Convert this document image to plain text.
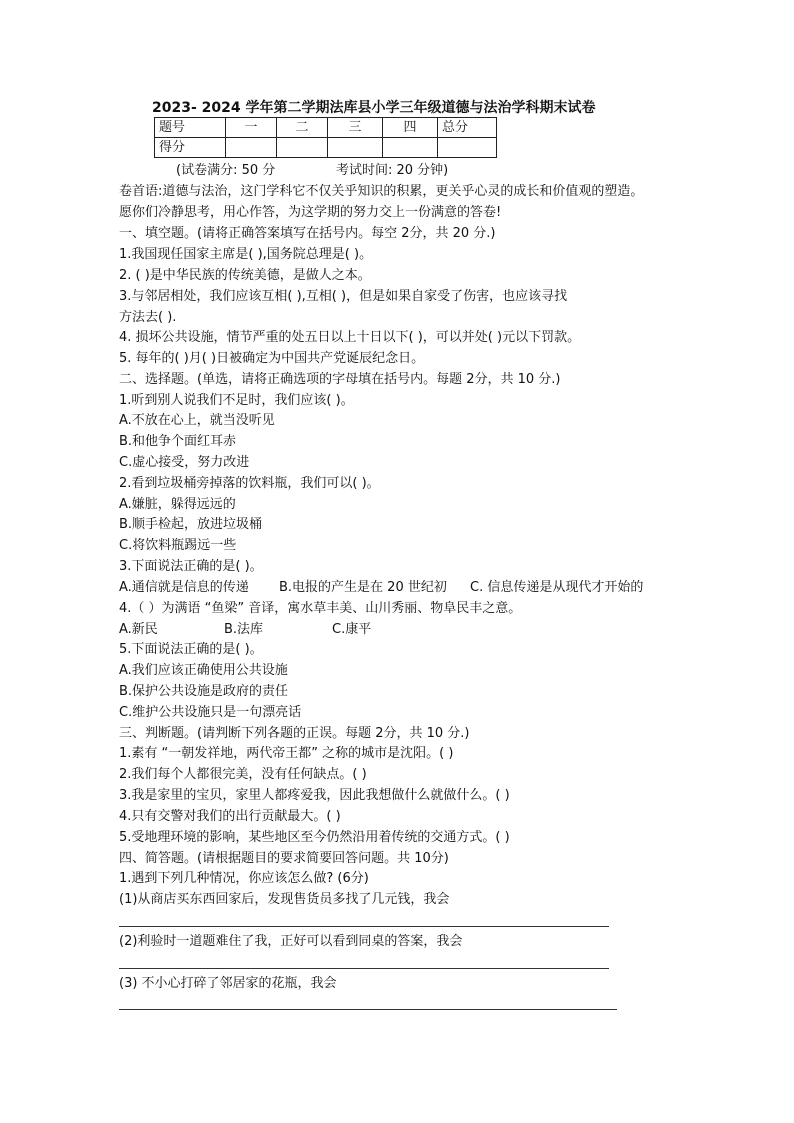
2023- 2024 学年第二学期法库县小学三年级道德与法治学科期末试卷
题号	一	二	三	四	总分
得分					
(试卷满分: 50 分	考试时间: 20 分钟)
卷首语:道德与法治，这门学科它不仅关乎知识的积累，更关乎心灵的成长和价值观的塑造。
愿你们冷静思考，用心作答，为这学期的努力交上一份满意的答卷!
一、填空题。(请将正确答案填写在括号内。每空 2分，共 20 分.)
1.我国现任国家主席是( ),国务院总理是( )。
2. ( )是中华民族的传统美德，是做人之本。
3.与邻居相处，我们应该互相( ),互相( )，但是如果自家受了伤害，也应该寻找
方法去( ).
4. 损坏公共设施，情节严重的处五日以上十日以下( )，可以并处( )元以下罚款。
5. 每年的( )月( )日被确定为中国共产党诞辰纪念日。
二、选择题。(单选，请将正确选项的字母填在括号内。每题 2分，共 10 分.)
1.听到别人说我们不足时，我们应该( )。
A.不放在心上，就当没听见
B.和他争个面红耳赤
C.虚心接受，努力改进
2.看到垃圾桶旁掉落的饮料瓶，我们可以( )。
A.嫌脏，躲得远远的
B.顺手检起，放进垃圾桶
C.将饮料瓶踢远一些
3.下面说法正确的是( )。
A.通信就是信息的传递 B.电报的产生是在 20 世纪初 C. 信息传递是从现代才开始的
4.（ ）为满语 “鱼梁” 音译，寓水草丰美、山川秀丽、物阜民丰之意。
A.新民	B.法库	C.康平
5.下面说法正确的是( )。
A.我们应该正确使用公共设施
B.保护公共设施是政府的责任
C.维护公共设施只是一句漂亮话
三、判断题。(请判断下列各题的正误。每题 2分，共 10 分.)
1.素有 “一朝发祥地，两代帝王都” 之称的城市是沈阳。( )
2.我们每个人都很完美，没有任何缺点。( )
3.我是家里的宝贝，家里人都疼爱我，因此我想做什么就做什么。( )
4.只有交警对我们的出行贡献最大。( )
5.受地理环境的影响，某些地区至今仍然沿用着传统的交通方式。( )
四、简答题。(请根据题目的要求简要回答问题。共 10分)
1.遇到下列几种情况，你应该怎么做? (6分)
(1)从商店买东西回家后，发现售货员多找了几元钱，我会
(2)利验时一道题难住了我，正好可以看到同桌的答案，我会
(3) 不小心打碎了邻居家的花瓶，我会
